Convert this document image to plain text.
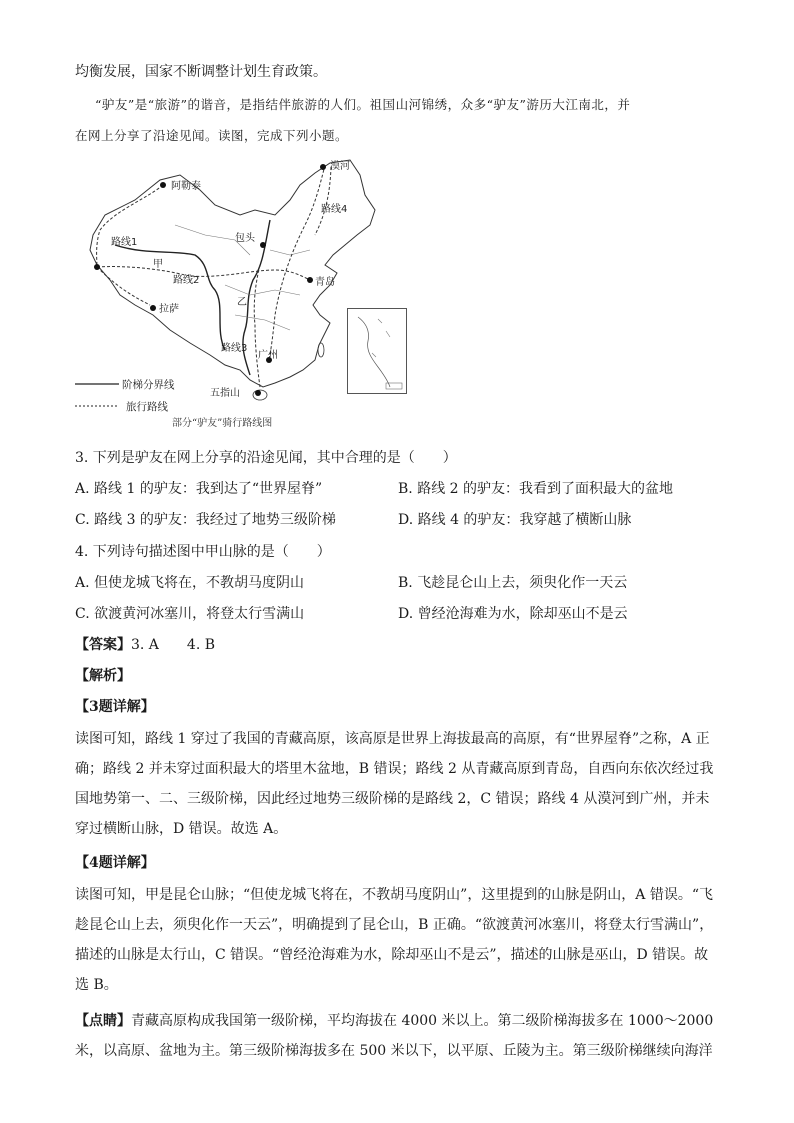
均衡发展，国家不断调整计划生育政策。
“驴友”是“旅游”的谐音，是指结伴旅游的人们。祖国山河锦绣，众多“驴友”游历大江南北，并
在网上分享了沿途见闻。读图，完成下列小题。
漠河
阿勒泰
路线4
路线1	包头
甲
路线2	青岛
乙
拉萨
路线3
广州
五指山
阶梯分界线
旅行路线
部分“驴友”骑行路线图
3. 下列是驴友在网上分享的沿途见闻，其中合理的是（　　）
A. 路线 1 的驴友：我到达了“世界屋脊”	B. 路线 2 的驴友：我看到了面积最大的盆地
C. 路线 3 的驴友：我经过了地势三级阶梯	D. 路线 4 的驴友：我穿越了横断山脉
4. 下列诗句描述图中甲山脉的是（　　）
A. 但使龙城飞将在，不教胡马度阴山	B. 飞趁昆仑山上去，须臾化作一天云
C. 欲渡黄河冰塞川，将登太行雪满山	D. 曾经沧海难为水，除却巫山不是云
【答案】3. A　　4. B
【解析】
【3题详解】
读图可知，路线 1 穿过了我国的青藏高原，该高原是世界上海拔最高的高原，有“世界屋脊”之称，A 正确；路线 2 并未穿过面积最大的塔里木盆地，B 错误；路线 2 从青藏高原到青岛，自西向东依次经过我国地势第一、二、三级阶梯，因此经过地势三级阶梯的是路线 2，C 错误；路线 4 从漠河到广州，并未穿过横断山脉，D 错误。故选 A。
【4题详解】
读图可知，甲是昆仑山脉；“但使龙城飞将在，不教胡马度阴山”，这里提到的山脉是阴山，A 错误。“飞趁昆仑山上去，须臾化作一天云”，明确提到了昆仑山，B 正确。“欲渡黄河冰塞川，将登太行雪满山”，描述的山脉是太行山，C 错误。“曾经沧海难为水，除却巫山不是云”，描述的山脉是巫山，D 错误。故选 B。
【点睛】青藏高原构成我国第一级阶梯，平均海拔在 4000 米以上。第二级阶梯海拔多在 1000～2000 米，以高原、盆地为主。第三级阶梯海拔多在 500 米以下，以平原、丘陵为主。第三级阶梯继续向海洋
